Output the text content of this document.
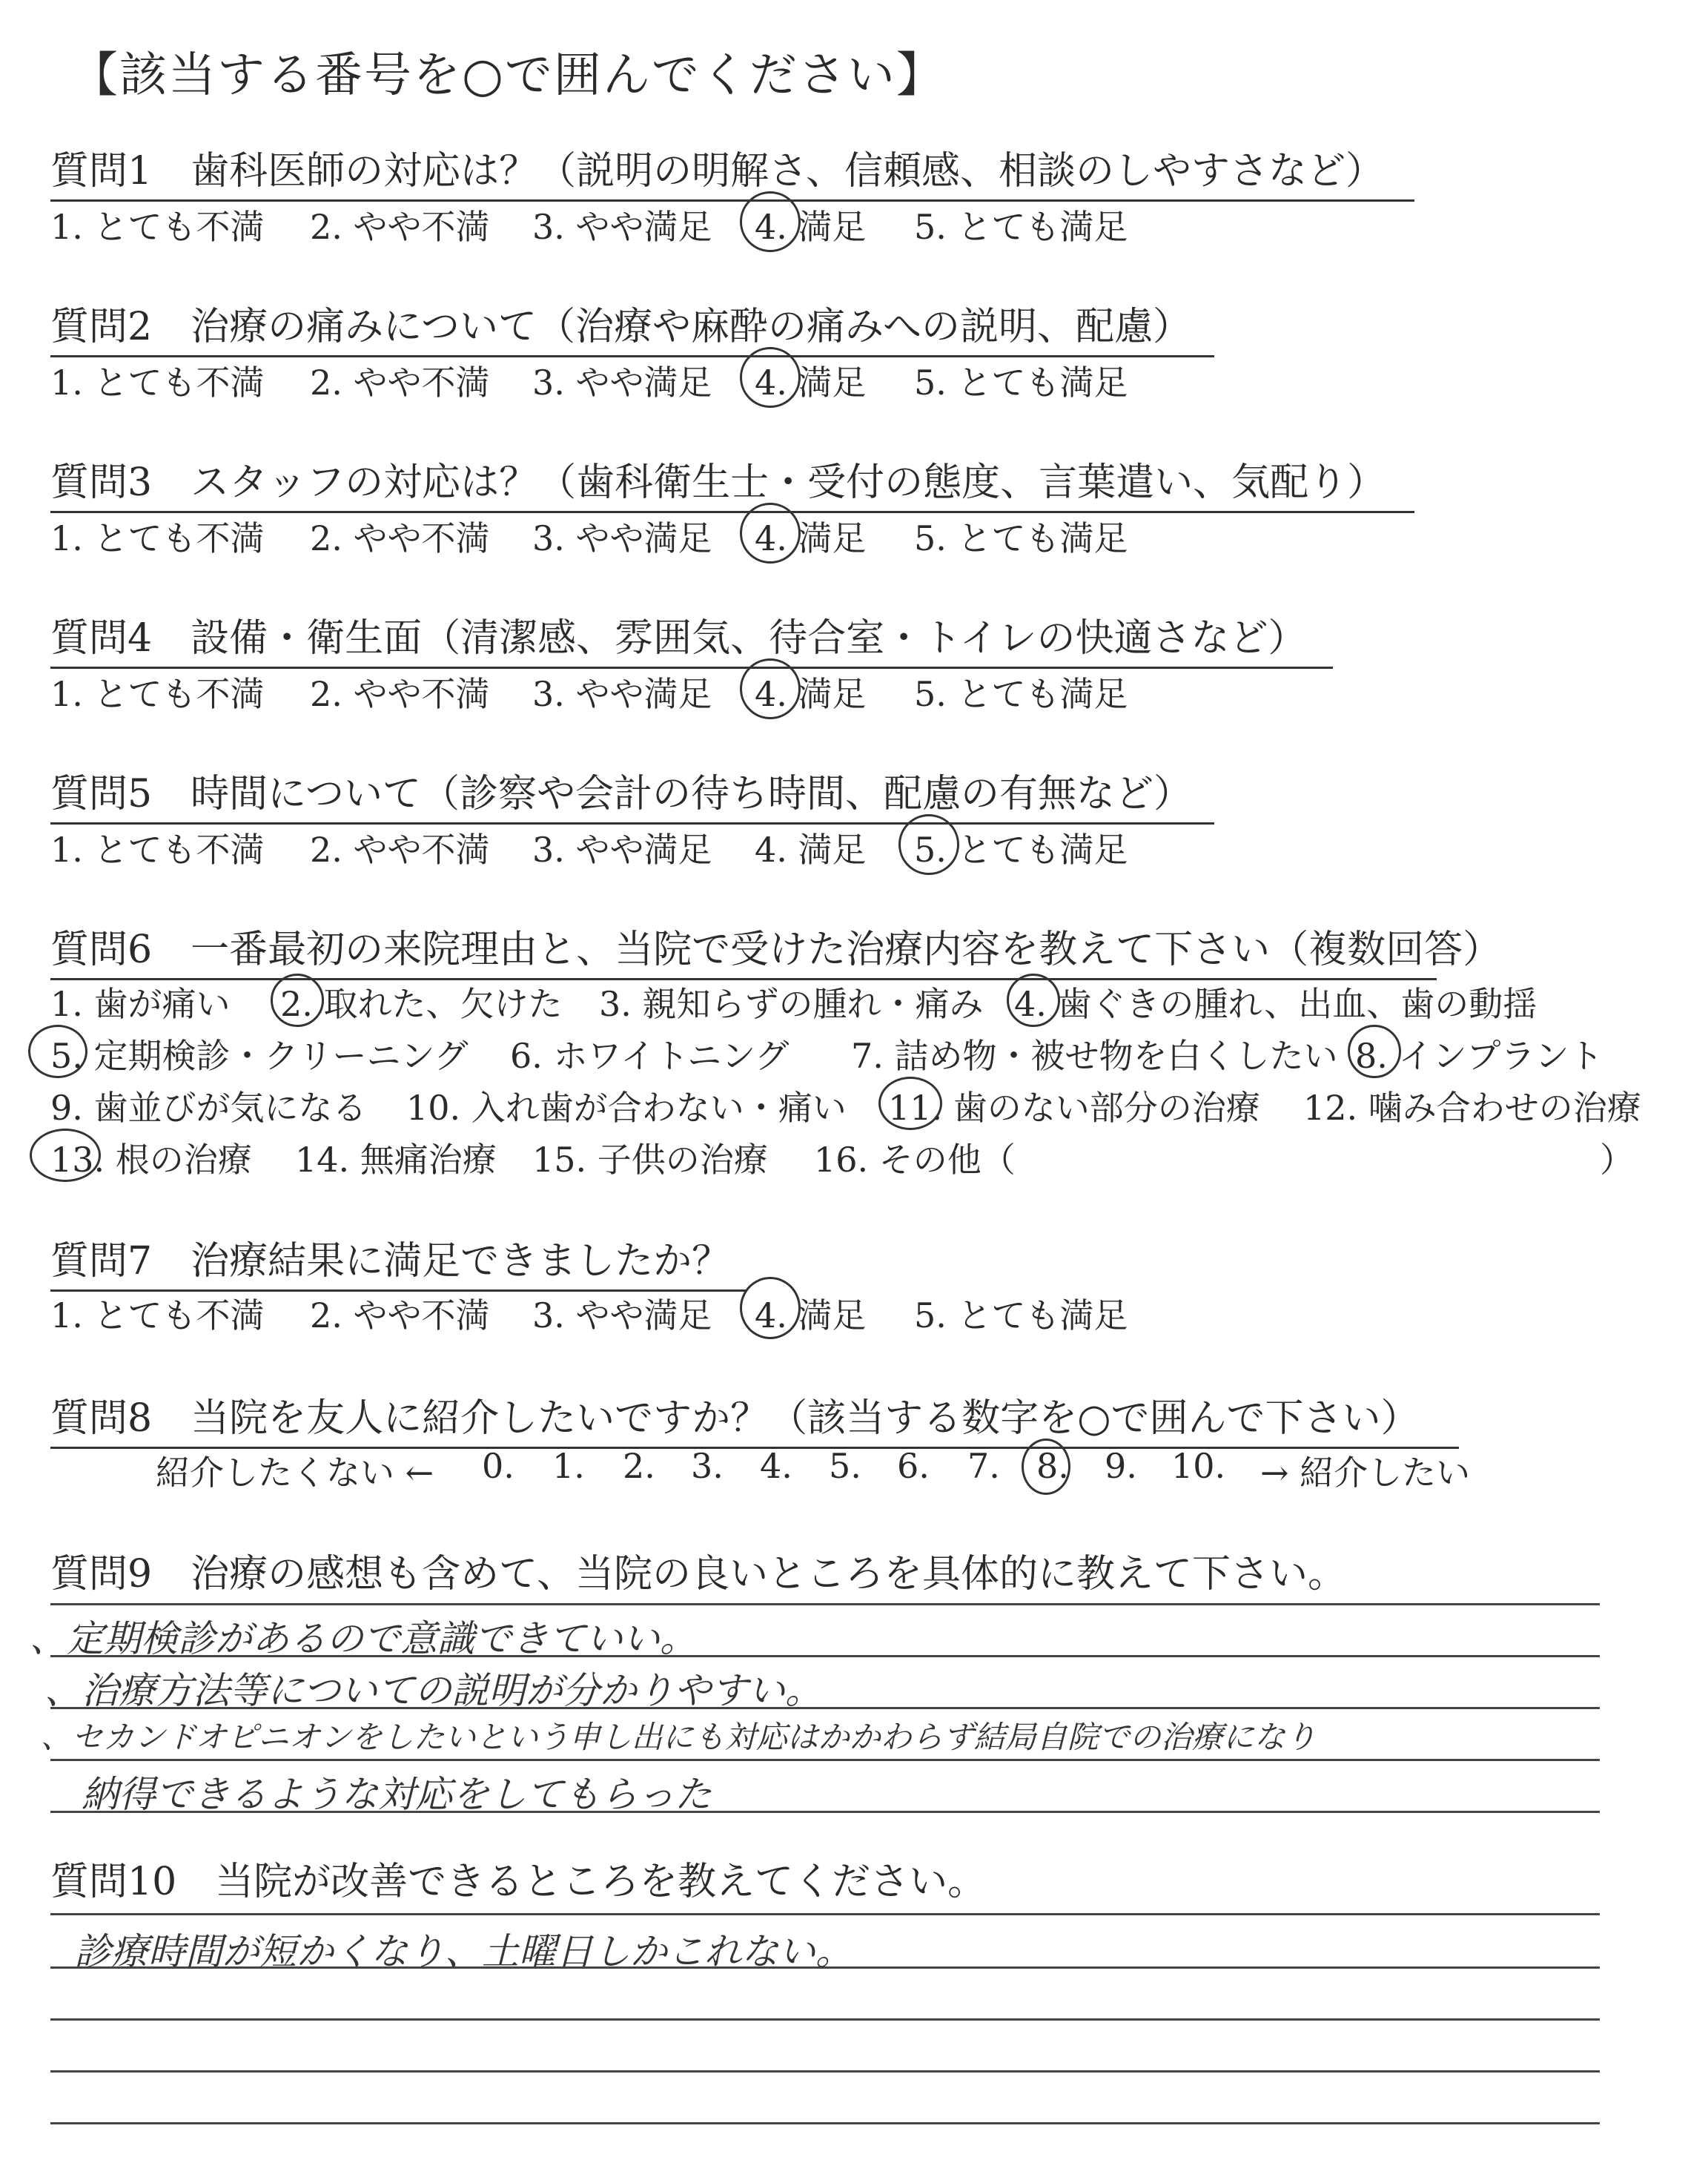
【該当する番号を○で囲んでください】
質問1　歯科医師の対応は？（説明の明解さ、信頼感、相談のしやすさなど）
1. とても不満 2. やや不満 3. やや満足 4. 満足 5. とても満足
質問2　治療の痛みについて（治療や麻酔の痛みへの説明、配慮）
1. とても不満 2. やや不満 3. やや満足 4. 満足 5. とても満足
質問3　スタッフの対応は？（歯科衛生士・受付の態度、言葉遣い、気配り）
1. とても不満 2. やや不満 3. やや満足 4. 満足 5. とても満足
質問4　設備・衛生面（清潔感、雰囲気、待合室・トイレの快適さなど）
1. とても不満 2. やや不満 3. やや満足 4. 満足 5. とても満足
質問5　時間について（診察や会計の待ち時間、配慮の有無など）
1. とても不満 2. やや不満 3. やや満足 4. 満足 5. とても満足
質問6　一番最初の来院理由と、当院で受けた治療内容を教えて下さい（複数回答）
1. 歯が痛い 2. 取れた、欠けた 3. 親知らずの腫れ・痛み 4. 歯ぐきの腫れ、出血、歯の動揺
5. 定期検診・クリーニング 6. ホワイトニング 7. 詰め物・被せ物を白くしたい 8. インプラント
9. 歯並びが気になる 10. 入れ歯が合わない・痛い 11. 歯のない部分の治療 12. 噛み合わせの治療
13. 根の治療 14. 無痛治療 15. 子供の治療 16. その他（	）
質問7　治療結果に満足できましたか？
1. とても不満 2. やや不満 3. やや満足 4. 満足 5. とても満足
質問8　当院を友人に紹介したいですか？（該当する数字を○で囲んで下さい）
紹介したくない ← 0. 1. 2. 3. 4. 5. 6. 7. 8. 9. 10. → 紹介したい
質問9　治療の感想も含めて、当院の良いところを具体的に教えて下さい。
、定期検診があるので意識できていい。
、治療方法等についての説明が分かりやすい。
、セカンドオピニオンをしたいという申し出にも対応はかかわらず結局自院での治療になり
納得できるような対応をしてもらった
質問10　当院が改善できるところを教えてください。
診療時間が短かくなり、土曜日しかこれない。
